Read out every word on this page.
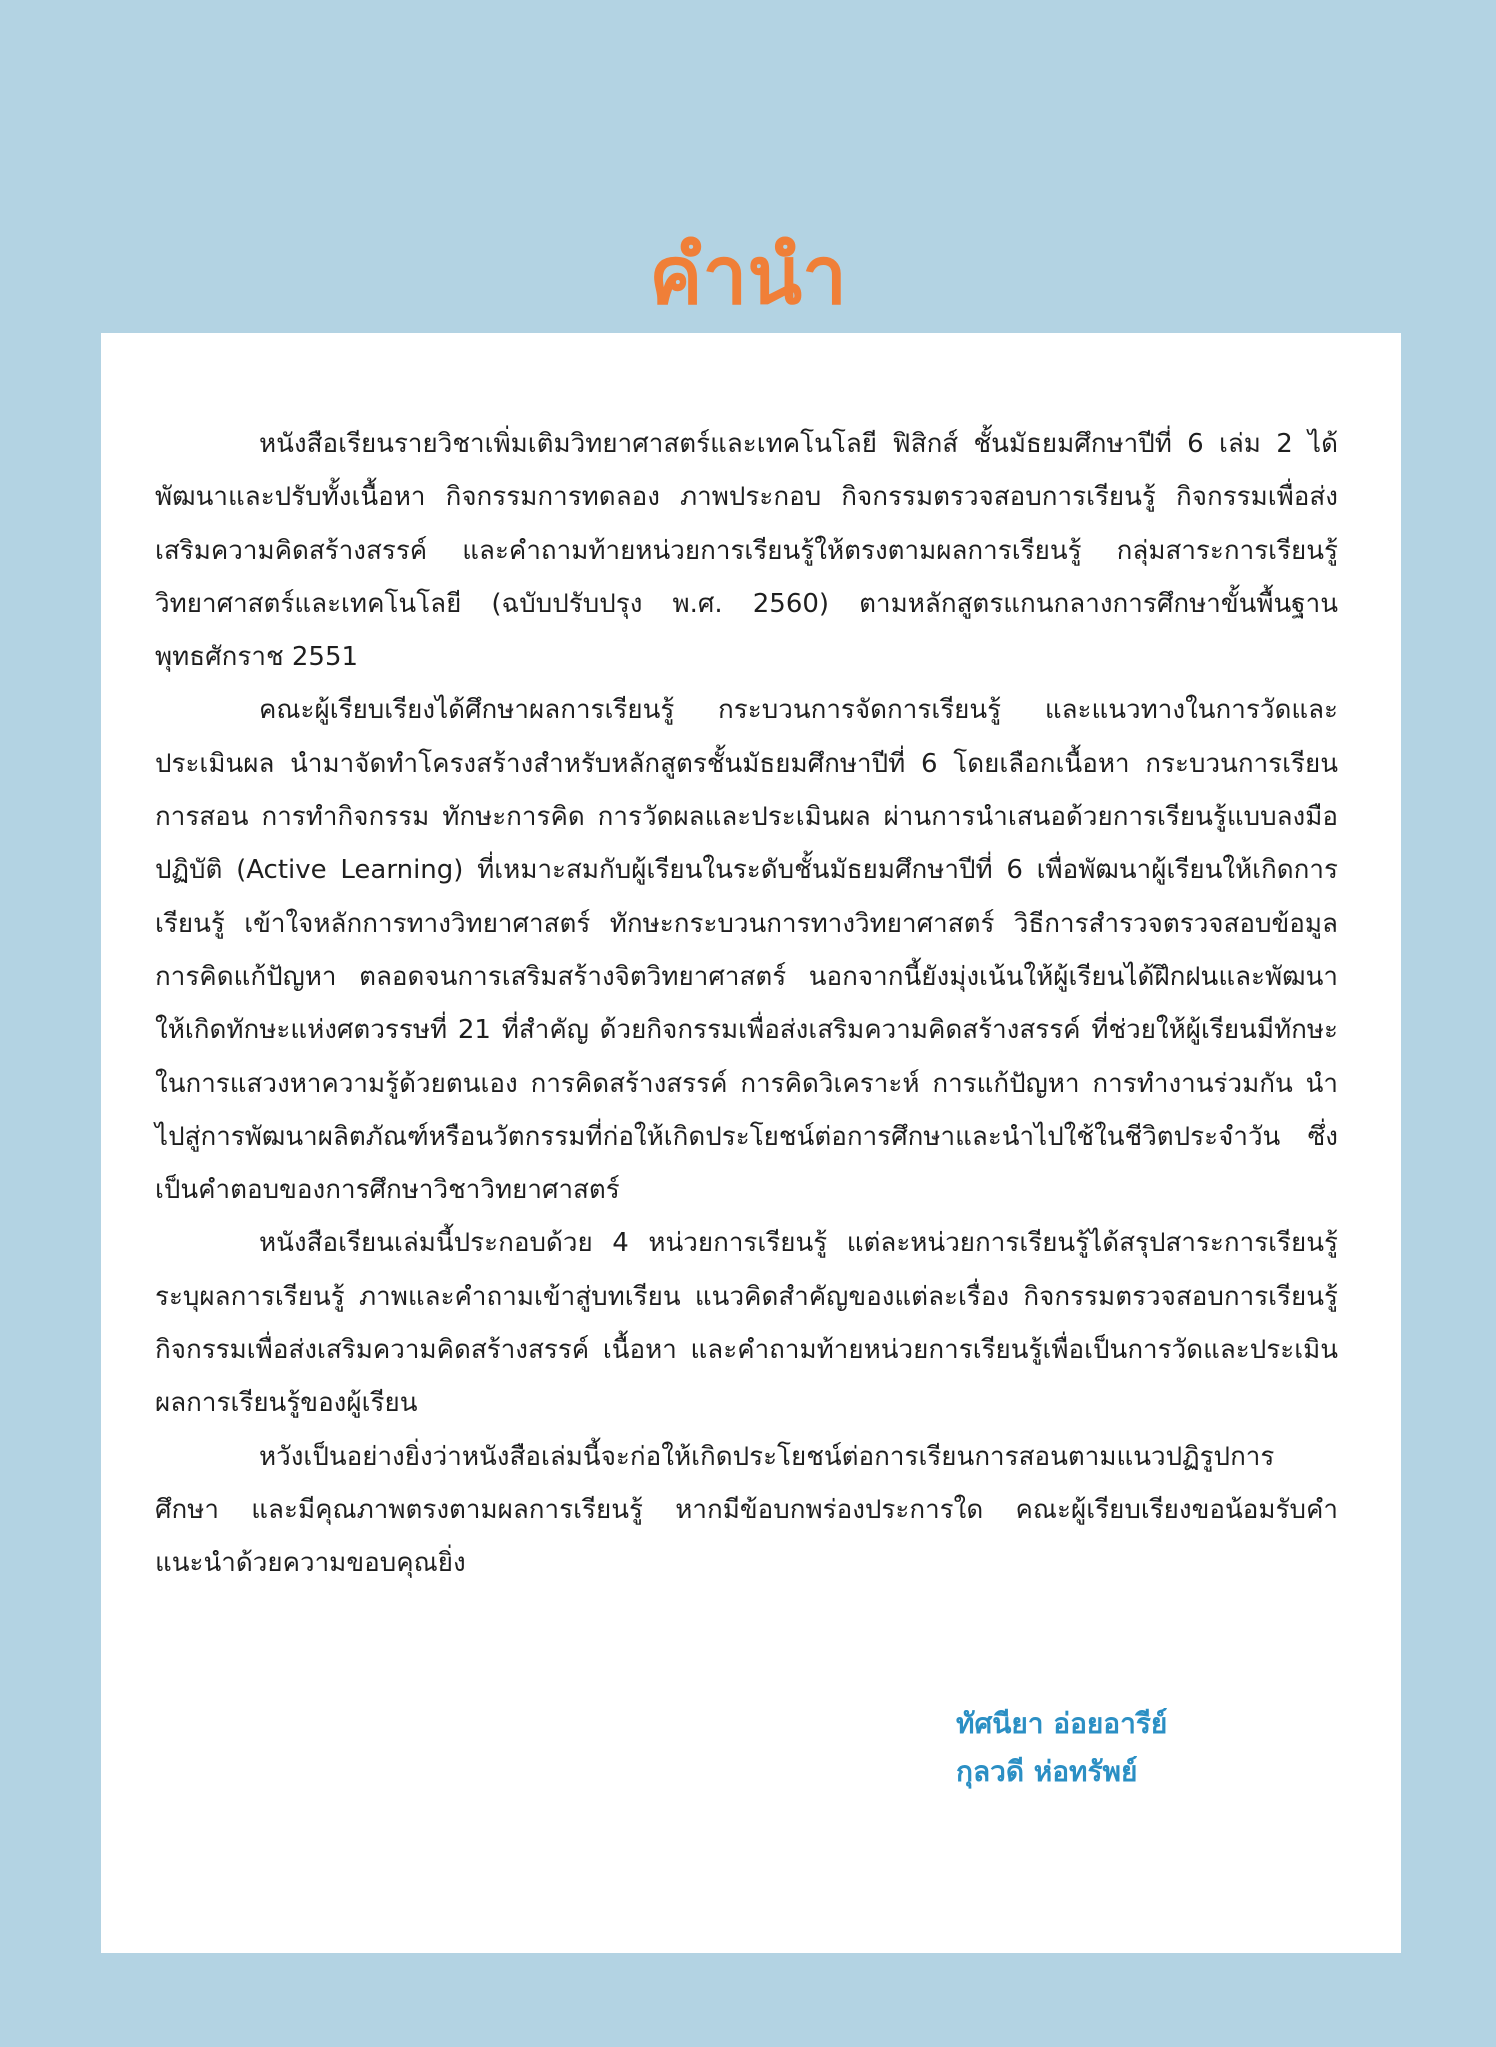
คำนำ

หนังสือเรียนรายวิชาเพิ่มเติมวิทยาศาสตร์และเทคโนโลยี ฟิสิกส์ ชั้นมัธยมศึกษาปีที่ 6 เล่ม 2 ได้พัฒนาและปรับทั้งเนื้อหา กิจกรรมการทดลอง ภาพประกอบ กิจกรรมตรวจสอบการเรียนรู้ กิจกรรมเพื่อส่งเสริมความคิดสร้างสรรค์ และคำถามท้ายหน่วยการเรียนรู้ให้ตรงตามผลการเรียนรู้ กลุ่มสาระการเรียนรู้วิทยาศาสตร์และเทคโนโลยี (ฉบับปรับปรุง พ.ศ. 2560) ตามหลักสูตรแกนกลางการศึกษาขั้นพื้นฐาน พุทธศักราช 2551

คณะผู้เรียบเรียงได้ศึกษาผลการเรียนรู้ กระบวนการจัดการเรียนรู้ และแนวทางในการวัดและประเมินผล นำมาจัดทำโครงสร้างสำหรับหลักสูตรชั้นมัธยมศึกษาปีที่ 6 โดยเลือกเนื้อหา กระบวนการเรียนการสอน การทำกิจกรรม ทักษะการคิด การวัดผลและประเมินผล ผ่านการนำเสนอด้วยการเรียนรู้แบบลงมือปฏิบัติ (Active Learning) ที่เหมาะสมกับผู้เรียนในระดับชั้นมัธยมศึกษาปีที่ 6 เพื่อพัฒนาผู้เรียนให้เกิดการเรียนรู้ เข้าใจหลักการทางวิทยาศาสตร์ ทักษะกระบวนการทางวิทยาศาสตร์ วิธีการสำรวจตรวจสอบข้อมูล การคิดแก้ปัญหา ตลอดจนการเสริมสร้างจิตวิทยาศาสตร์ นอกจากนี้ยังมุ่งเน้นให้ผู้เรียนได้ฝึกฝนและพัฒนาให้เกิดทักษะแห่งศตวรรษที่ 21 ที่สำคัญ ด้วยกิจกรรมเพื่อส่งเสริมความคิดสร้างสรรค์ ที่ช่วยให้ผู้เรียนมีทักษะในการแสวงหาความรู้ด้วยตนเอง การคิดสร้างสรรค์ การคิดวิเคราะห์ การแก้ปัญหา การทำงานร่วมกัน นำไปสู่การพัฒนาผลิตภัณฑ์หรือนวัตกรรมที่ก่อให้เกิดประโยชน์ต่อการศึกษาและนำไปใช้ในชีวิตประจำวัน ซึ่งเป็นคำตอบของการศึกษาวิชาวิทยาศาสตร์

หนังสือเรียนเล่มนี้ประกอบด้วย 4 หน่วยการเรียนรู้ แต่ละหน่วยการเรียนรู้ได้สรุปสาระการเรียนรู้ ระบุผลการเรียนรู้ ภาพและคำถามเข้าสู่บทเรียน แนวคิดสำคัญของแต่ละเรื่อง กิจกรรมตรวจสอบการเรียนรู้ กิจกรรมเพื่อส่งเสริมความคิดสร้างสรรค์ เนื้อหา และคำถามท้ายหน่วยการเรียนรู้เพื่อเป็นการวัดและประเมินผลการเรียนรู้ของผู้เรียน

หวังเป็นอย่างยิ่งว่าหนังสือเล่มนี้จะก่อให้เกิดประโยชน์ต่อการเรียนการสอนตามแนวปฏิรูปการศึกษา และมีคุณภาพตรงตามผลการเรียนรู้ หากมีข้อบกพร่องประการใด คณะผู้เรียบเรียงขอน้อมรับคำแนะนำด้วยความขอบคุณยิ่ง

ทัศนียา อ่อยอารีย์
กุลวดี ห่อทรัพย์
